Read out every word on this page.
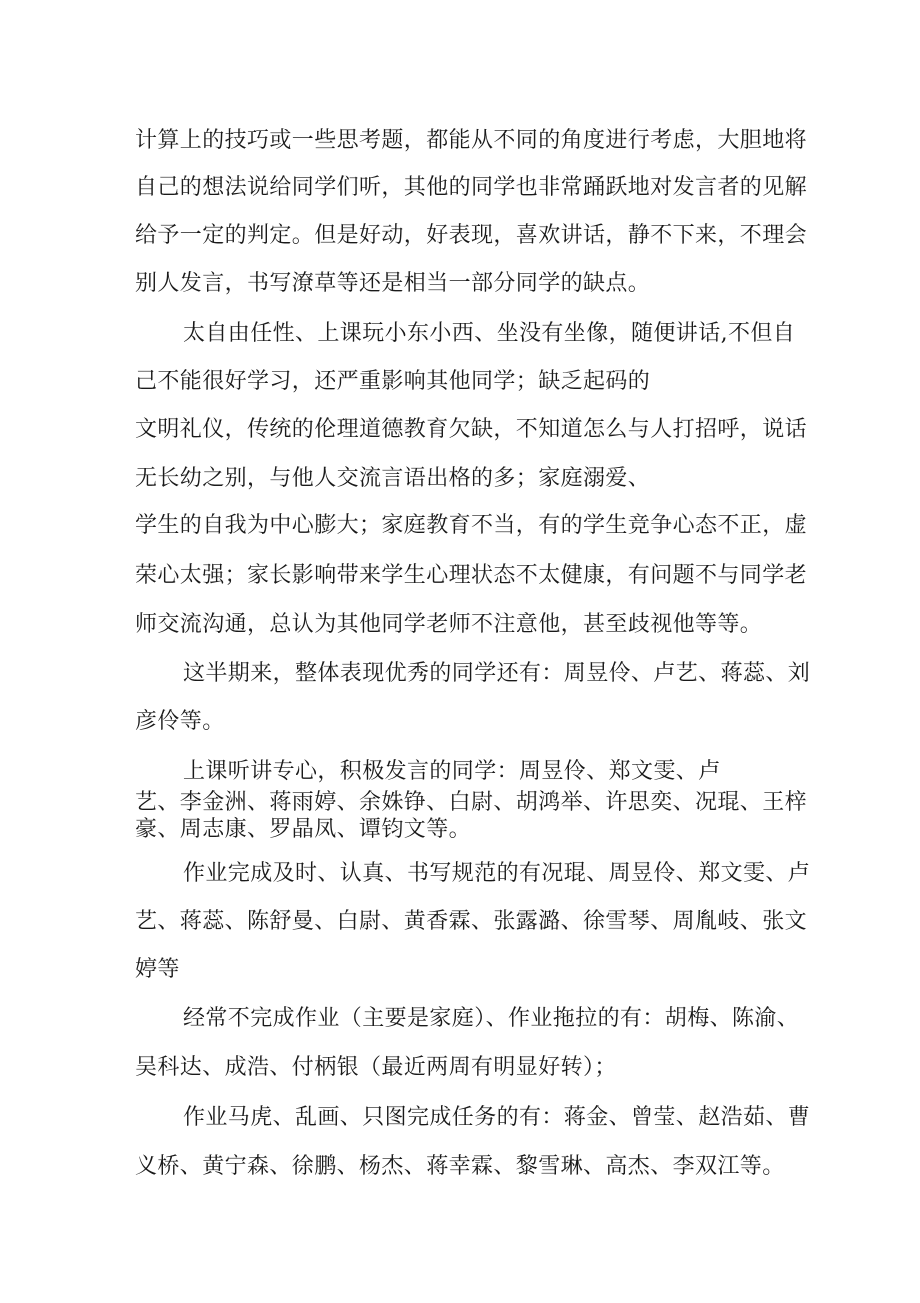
计算上的技巧或一些思考题，都能从不同的角度进行考虑，大胆地将
自己的想法说给同学们听，其他的同学也非常踊跃地对发言者的见解
给予一定的判定。但是好动，好表现，喜欢讲话，静不下来，不理会
别人发言，书写潦草等还是相当一部分同学的缺点。
太自由任性、上课玩小东小西、坐没有坐像，随便讲话,不但自
己不能很好学习，还严重影响其他同学；缺乏起码的
文明礼仪，传统的伦理道德教育欠缺，不知道怎么与人打招呼，说话
无长幼之别，与他人交流言语出格的多；家庭溺爱、
学生的自我为中心膨大；家庭教育不当，有的学生竞争心态不正，虚
荣心太强；家长影响带来学生心理状态不太健康，有问题不与同学老
师交流沟通，总认为其他同学老师不注意他，甚至歧视他等等。
这半期来，整体表现优秀的同学还有：周昱伶、卢艺、蒋蕊、刘
彦伶等。
上课听讲专心，积极发言的同学：周昱伶、郑文雯、卢
艺、李金洲、蒋雨婷、余姝铮、白尉、胡鸿举、许思奕、况琨、王梓
豪、周志康、罗晶凤、谭钧文等。
作业完成及时、认真、书写规范的有况琨、周昱伶、郑文雯、卢
艺、蒋蕊、陈舒曼、白尉、黄香霖、张露潞、徐雪琴、周胤岐、张文
婷等
经常不完成作业（主要是家庭）、作业拖拉的有：胡梅、陈渝、
吴科达、成浩、付柄银（最近两周有明显好转）；
作业马虎、乱画、只图完成任务的有：蒋金、曾莹、赵浩茹、曹
义桥、黄宁森、徐鹏、杨杰、蒋幸霖、黎雪琳、高杰、李双江等。
